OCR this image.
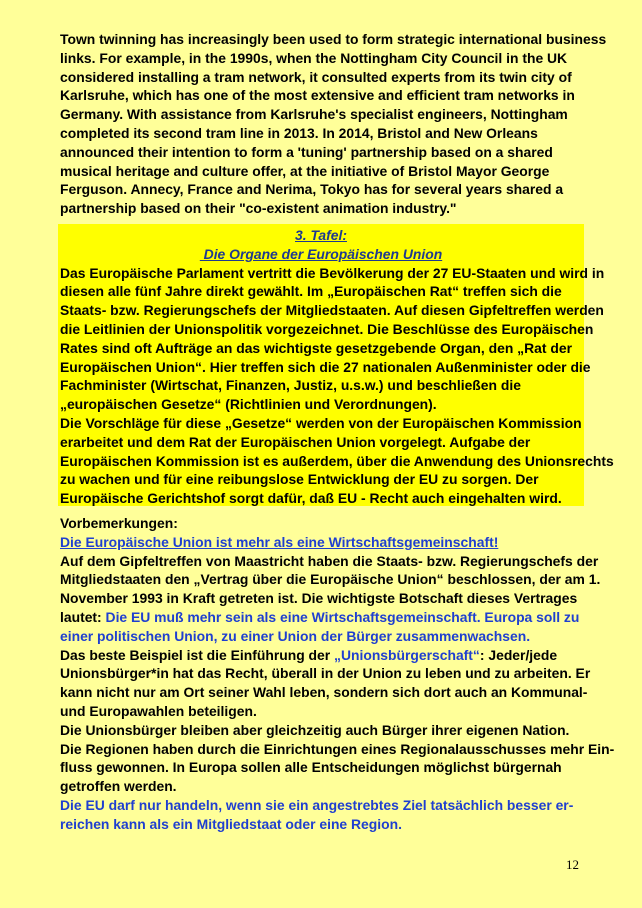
Town twinning has increasingly been used to form strategic international business
links. For example, in the 1990s, when the Nottingham City Council in the UK
considered installing a tram network, it consulted experts from its twin city of
Karlsruhe, which has one of the most extensive and efficient tram networks in
Germany. With assistance from Karlsruhe's specialist engineers, Nottingham
completed its second tram line in 2013. In 2014, Bristol and New Orleans
announced their intention to form a 'tuning' partnership based on a shared
musical heritage and culture offer, at the initiative of Bristol Mayor George
Ferguson. Annecy, France and Nerima, Tokyo has for several years shared a
partnership based on their "co-existent animation industry."
3. Tafel:
Die Organe der Europäischen Union
Das Europäische Parlament vertritt die Bevölkerung der 27 EU-Staaten und wird in
diesen alle fünf Jahre direkt gewählt. Im „Europäischen Rat“ treffen sich die
Staats- bzw. Regierungschefs der Mitgliedstaaten. Auf diesen Gipfeltreffen werden
die Leitlinien der Unionspolitik vorgezeichnet. Die Beschlüsse des Europäischen
Rates sind oft Aufträge an das wichtigste gesetzgebende Organ, den „Rat der
Europäischen Union“. Hier treffen sich die 27 nationalen Außenminister oder die
Fachminister (Wirtschat, Finanzen, Justiz, u.s.w.) und beschließen die
„europäischen Gesetze“ (Richtlinien und Verordnungen).
Die Vorschläge für diese „Gesetze“ werden von der Europäischen Kommission
erarbeitet und dem Rat der Europäischen Union vorgelegt. Aufgabe der
Europäischen Kommission ist es außerdem, über die Anwendung des Unionsrechts
zu wachen und für eine reibungslose Entwicklung der EU zu sorgen. Der
Europäische Gerichtshof sorgt dafür, daß EU - Recht auch eingehalten wird.
Vorbemerkungen:
Die Europäische Union ist mehr als eine Wirtschaftsgemeinschaft!
Auf dem Gipfeltreffen von Maastricht haben die Staats- bzw. Regierungschefs der
Mitgliedstaaten den „Vertrag über die Europäische Union“ beschlossen, der am 1.
November 1993 in Kraft getreten ist. Die wichtigste Botschaft dieses Vertrages
lautet: Die EU muß mehr sein als eine Wirtschaftsgemeinschaft. Europa soll zu
einer politischen Union, zu einer Union der Bürger zusammenwachsen.
Das beste Beispiel ist die Einführung der „Unionsbürgerschaft“: Jeder/jede
Unionsbürger*in hat das Recht, überall in der Union zu leben und zu arbeiten. Er
kann nicht nur am Ort seiner Wahl leben, sondern sich dort auch an Kommunal-
und Europawahlen beteiligen.
Die Unionsbürger bleiben aber gleichzeitig auch Bürger ihrer eigenen Nation.
Die Regionen haben durch die Einrichtungen eines Regionalausschusses mehr Ein-
fluss gewonnen. In Europa sollen alle Entscheidungen möglichst bürgernah
getroffen werden.
Die EU darf nur handeln, wenn sie ein angestrebtes Ziel tatsächlich besser er-
reichen kann als ein Mitgliedstaat oder eine Region.
12
